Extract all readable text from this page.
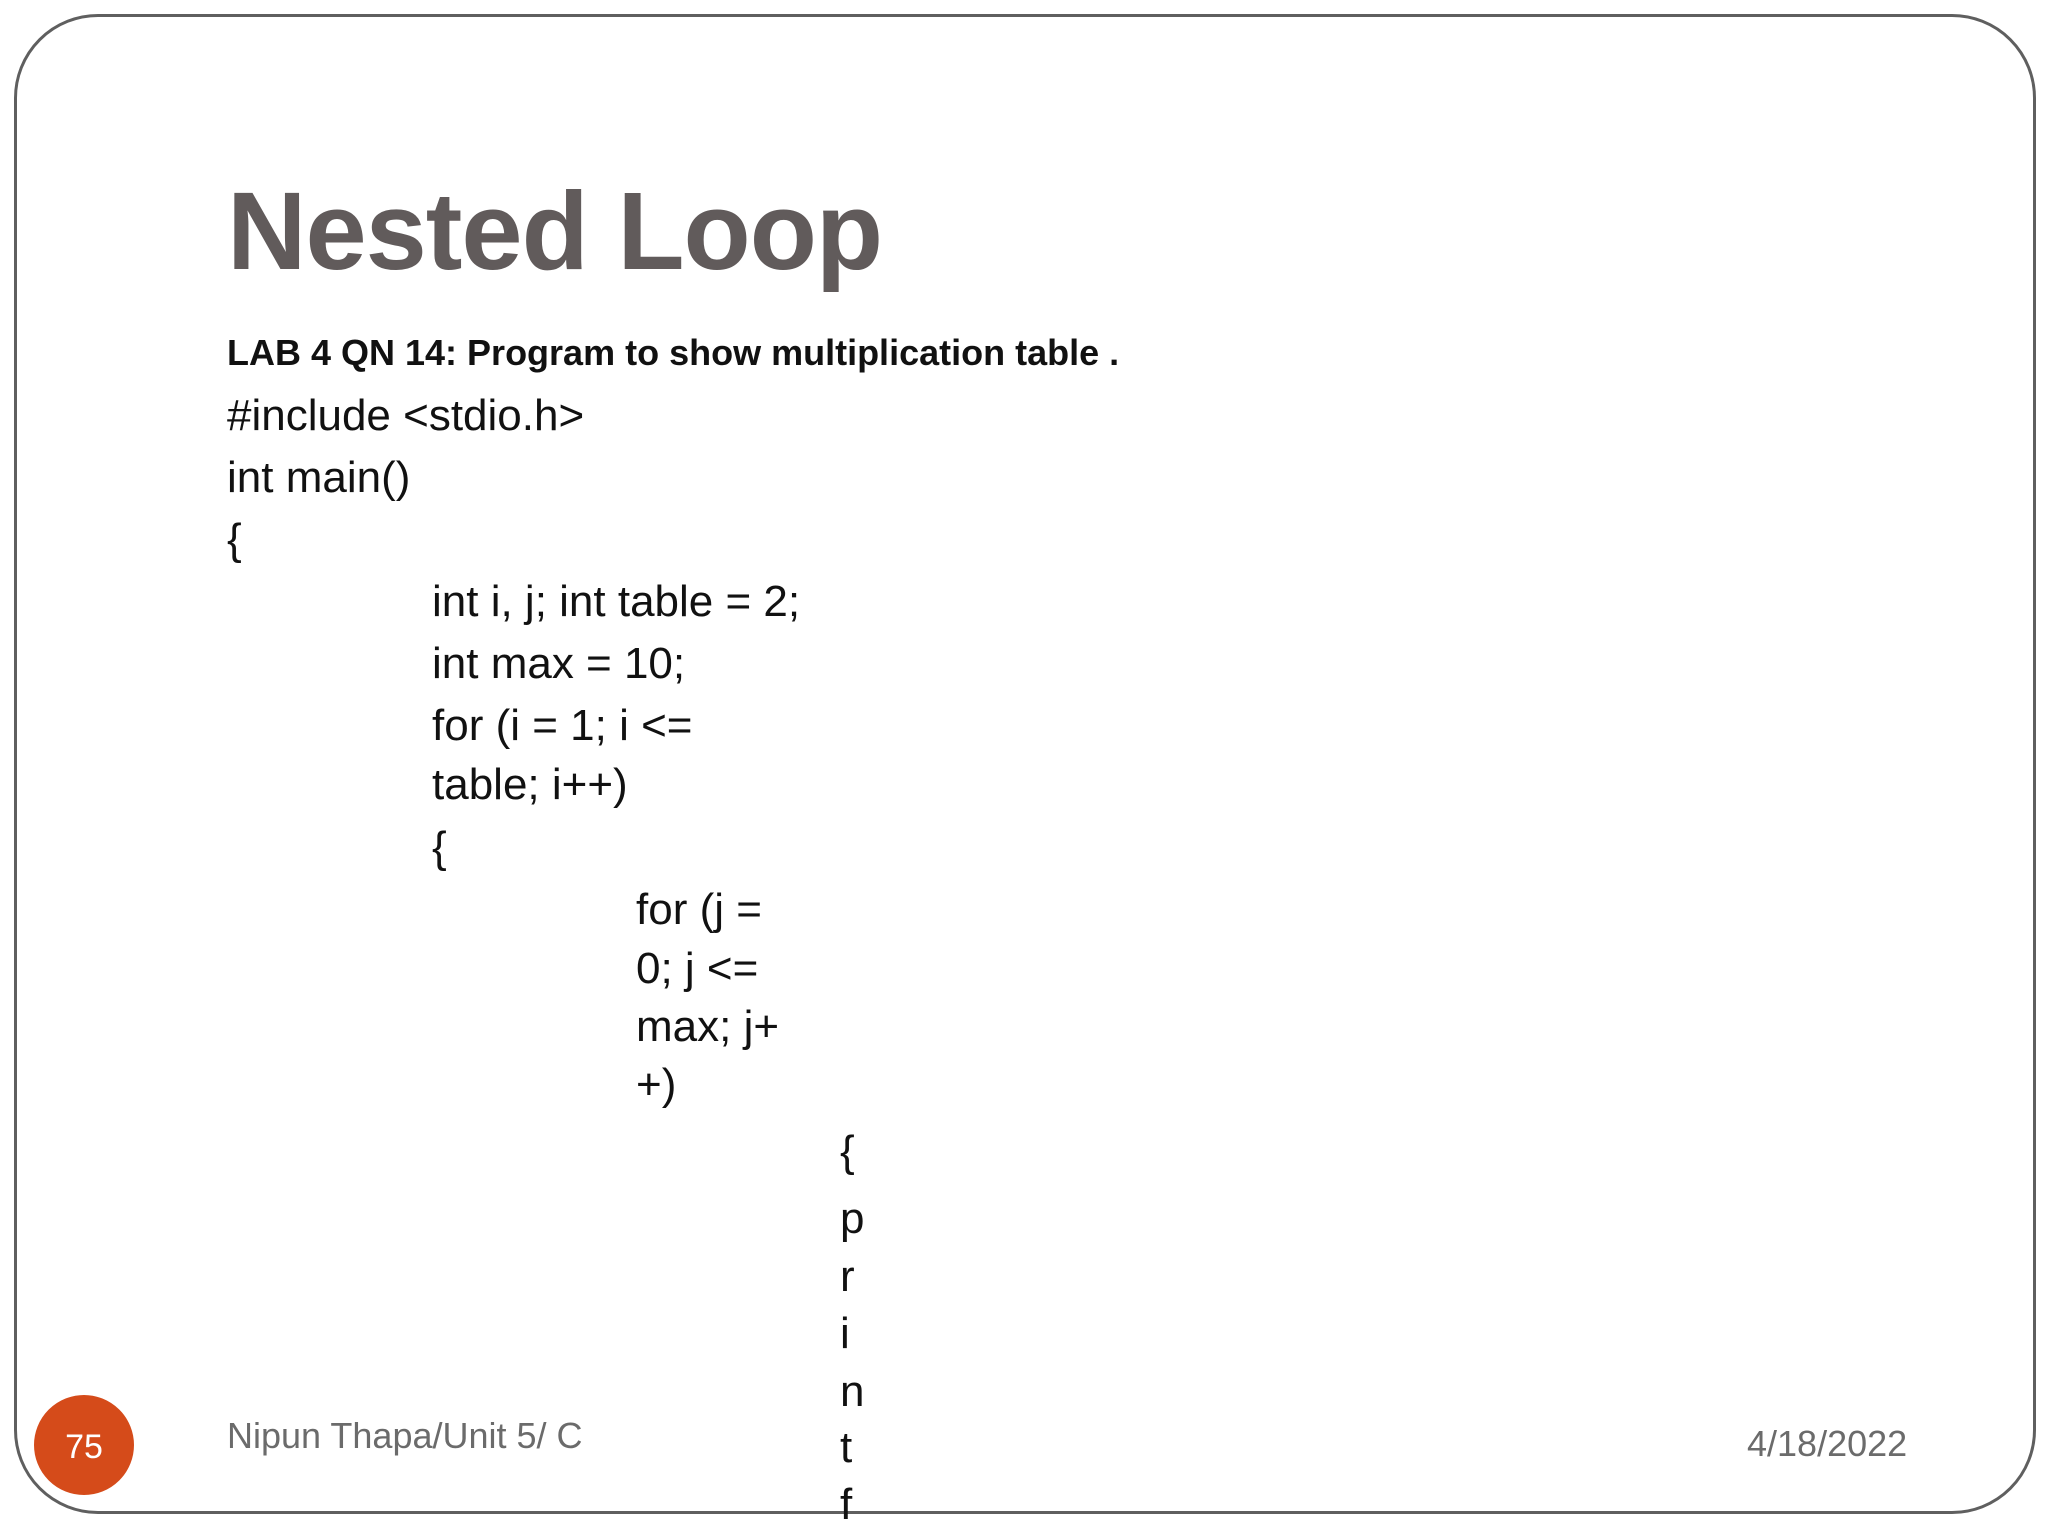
Nested Loop
LAB 4 QN 14: Program to show multiplication table .
#include <stdio.h>
int main()
{
int i, j; int table = 2;
int max = 10;
for (i = 1; i <=
table; i++)
{
for (j =
0; j <=
max; j+
+)
{
p
r
i
n
t
f
75	Nipun Thapa/Unit 5/ C	4/18/2022
